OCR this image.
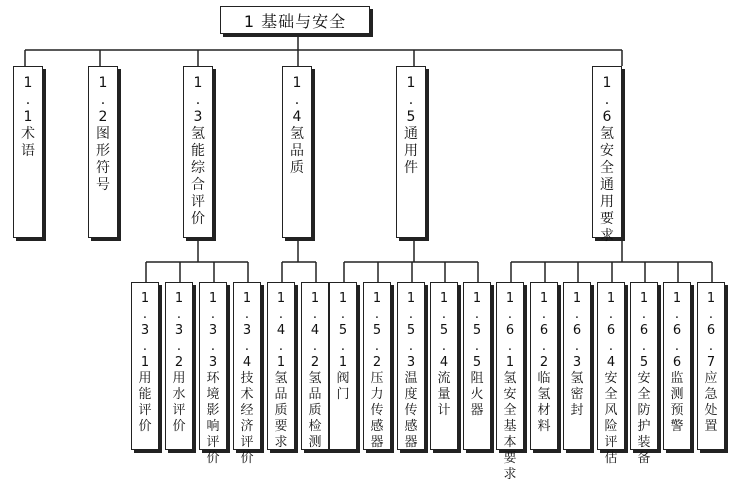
1 基础与安全
1
.
1
术
语
1
.
2
图
形
符
号
1
.
3
氢
能
综
合
评
价
1
.
4
氢
品
质
1
.
5
通
用
件
1
.
6
氢
安
全
通
用
要
求
1
.
3
.
1
用
能
评
价
1
.
3
.
2
用
水
评
价
1
.
3
.
3
环
境
影
响
评
价
1
.
3
.
4
技
术
经
济
评
价
1
.
4
.
1
氢
品
质
要
求
1
.
4
.
2
氢
品
质
检
测
1
.
5
.
1
阀
门
1
.
5
.
2
压
力
传
感
器
1
.
5
.
3
温
度
传
感
器
1
.
5
.
4
流
量
计
1
.
5
.
5
阻
火
器
1
.
6
.
1
氢
安
全
基
本
要
求
1
.
6
.
2
临
氢
材
料
1
.
6
.
3
氢
密
封
1
.
6
.
4
安
全
风
险
评
估
1
.
6
.
5
安
全
防
护
装
备
1
.
6
.
6
监
测
预
警
1
.
6
.
7
应
急
处
置
